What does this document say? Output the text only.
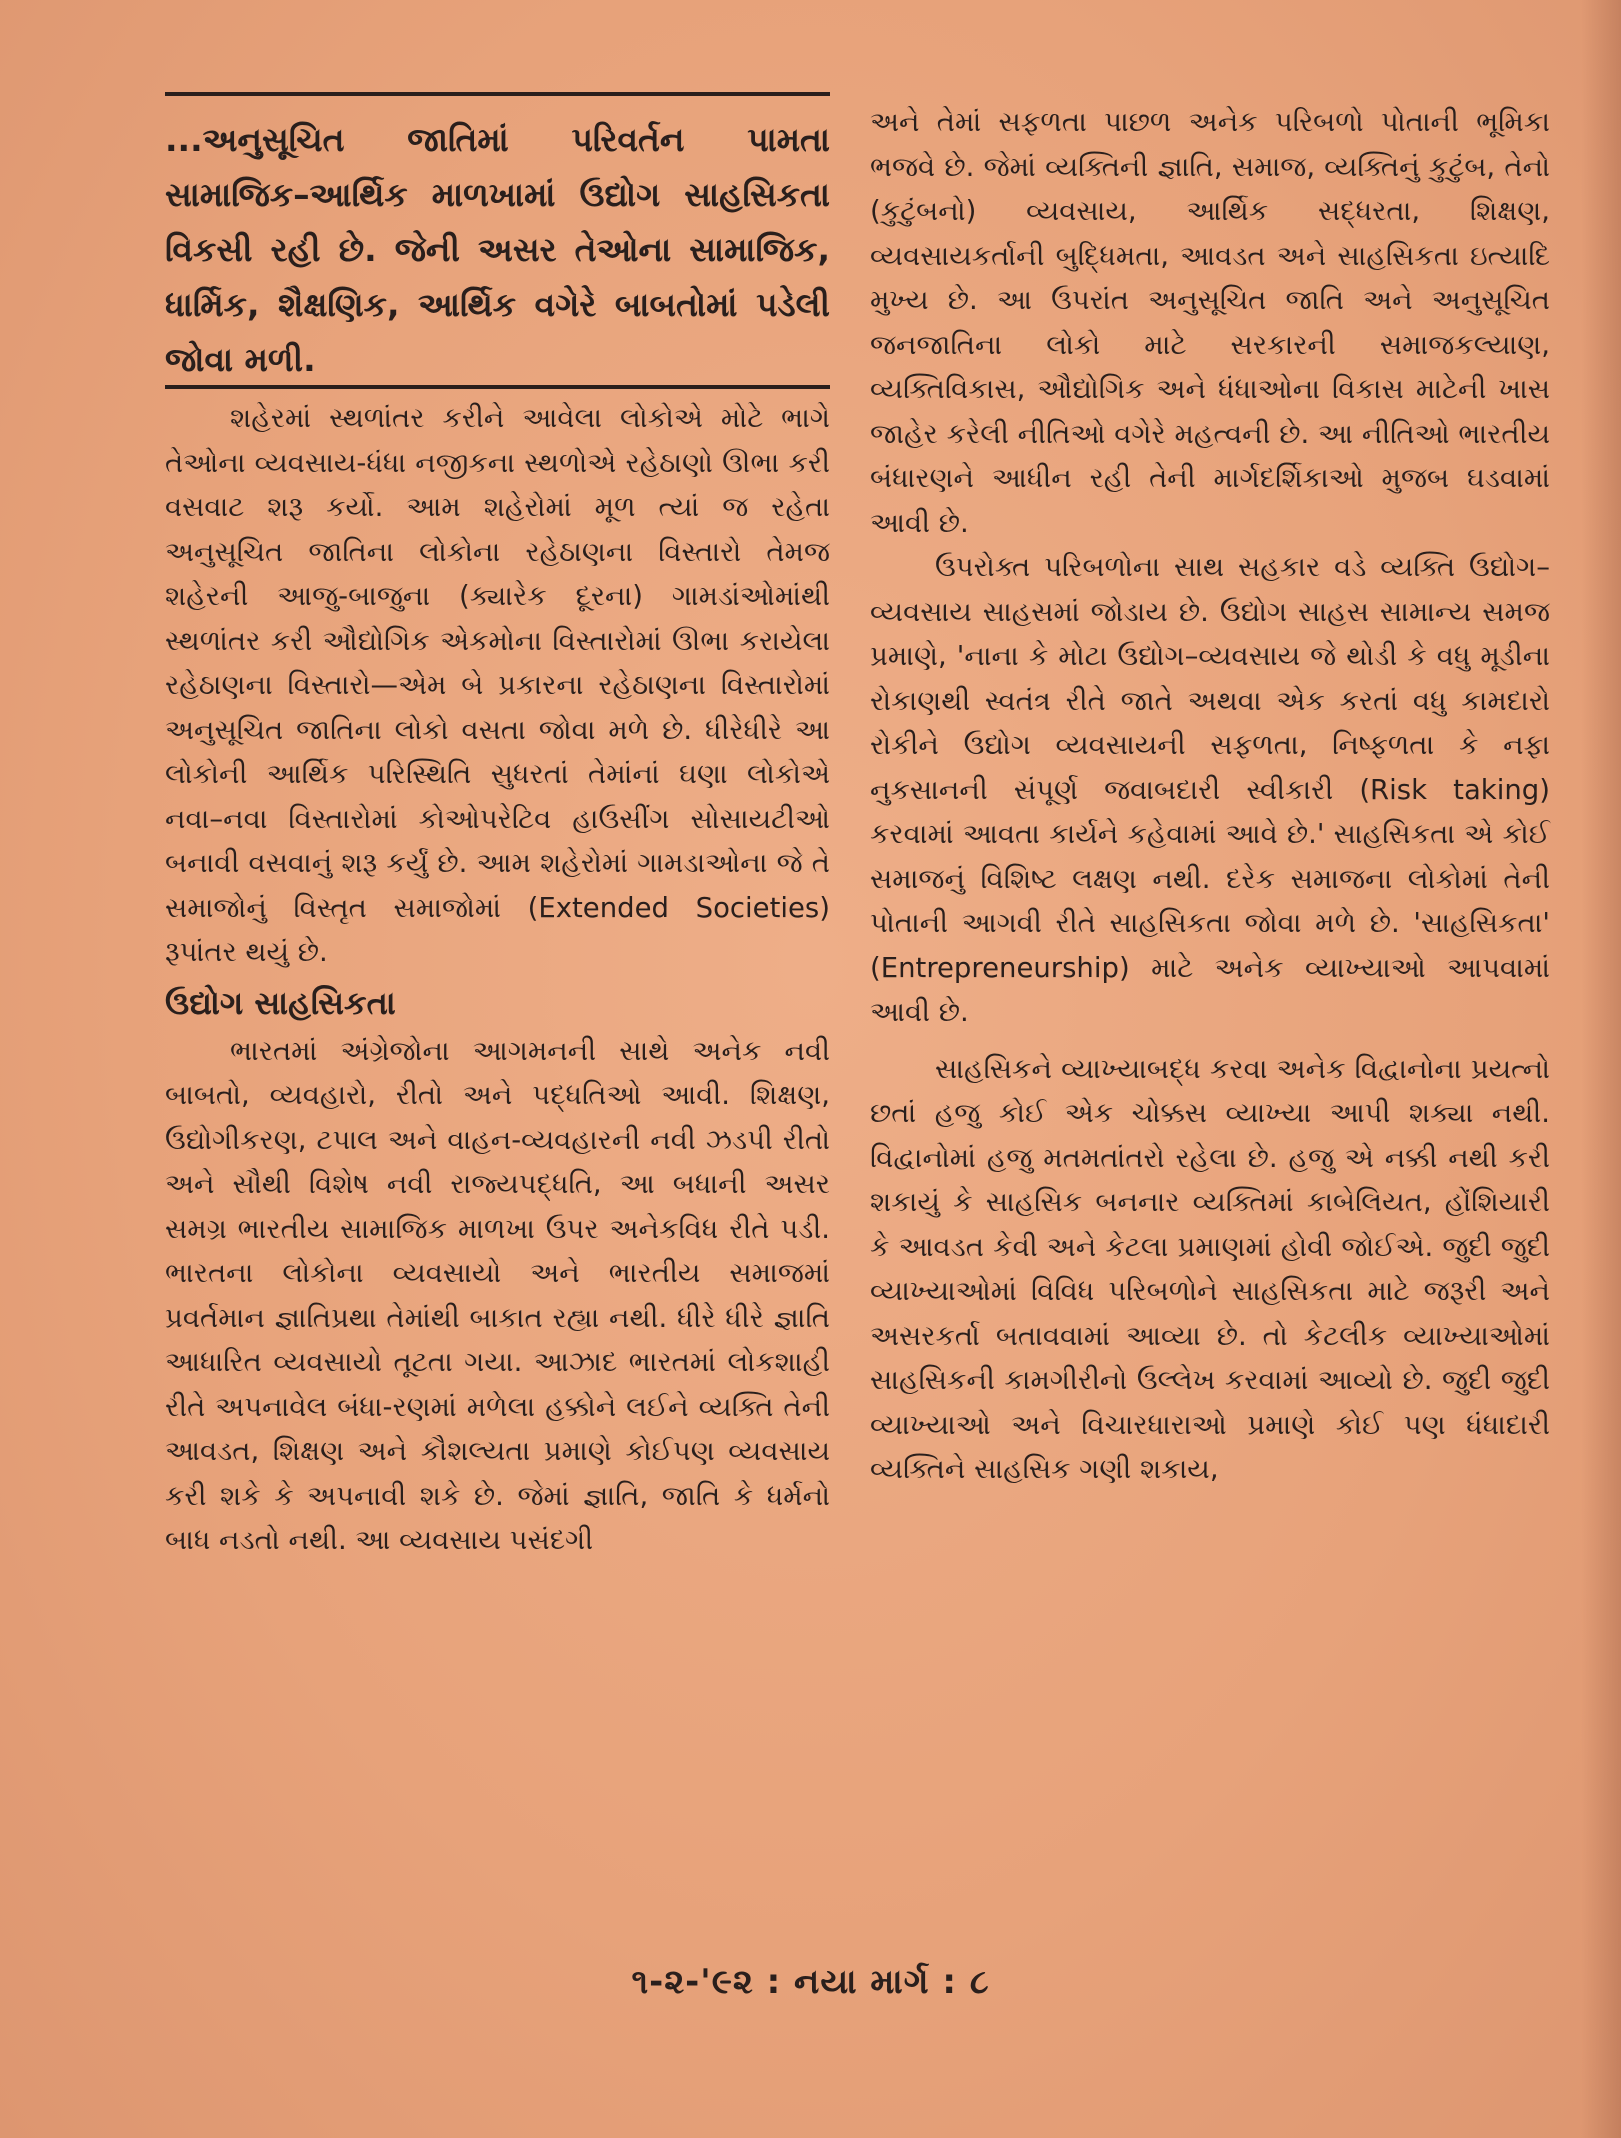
...અનુસૂચિત જાતિમાં પરિવર્તન પામતા સામાજિક–આર્થિક માળખામાં ઉદ્યોગ સાહસિકતા વિકસી રહી છે. જેની અસર તેઓના સામાજિક, ધાર્મિક, શૈક્ષણિક, આર્થિક વગેરે બાબતોમાં પડેલી જોવા મળી.

શહેરમાં સ્થળાંતર કરીને આવેલા લોકોએ મોટે ભાગે તેઓના વ્યવસાય-ધંધા નજીકના સ્થળોએ રહેઠાણો ઊભા કરી વસવાટ શરૂ કર્યો. આમ શહેરોમાં મૂળ ત્યાં જ રહેતા અનુસૂચિત જાતિના લોકોના રહેઠાણના વિસ્તારો તેમજ શહેરની આજુ-બાજુના (ક્યારેક દૂરના) ગામડાંઓમાંથી સ્થળાંતર કરી ઔદ્યોગિક એકમોના વિસ્તારોમાં ઊભા કરાયેલા રહેઠાણના વિસ્તારો—એમ બે પ્રકારના રહેઠાણના વિસ્તારોમાં અનુસૂચિત જાતિના લોકો વસતા જોવા મળે છે. ધીરેધીરે આ લોકોની આર્થિક પરિસ્થિતિ સુધરતાં તેમાંનાં ઘણા લોકોએ નવા–નવા વિસ્તારોમાં કોઓપરેટિવ હાઉસીંગ સોસાયટીઓ બનાવી વસવાનું શરૂ કર્યું છે. આમ શહેરોમાં ગામડાઓના જે તે સમાજોનું વિસ્તૃત સમાજોમાં (Extended Societies) રૂપાંતર થયું છે.

ઉદ્યોગ સાહસિકતા

ભારતમાં અંગ્રેજોના આગમનની સાથે અનેક નવી બાબતો, વ્યવહારો, રીતો અને પદ્ધતિઓ આવી. શિક્ષણ, ઉદ્યોગીકરણ, ટપાલ અને વાહન-વ્યવહારની નવી ઝડપી રીતો અને સૌથી વિશેષ નવી રાજ્યપદ્ધતિ, આ બધાની અસર સમગ્ર ભારતીય સામાજિક માળખા ઉપર અનેકવિધ રીતે પડી. ભારતના લોકોના વ્યવસાયો અને ભારતીય સમાજમાં પ્રવર્તમાન જ્ઞાતિપ્રથા તેમાંથી બાકાત રહ્યા નથી. ધીરે ધીરે જ્ઞાતિ આધારિત વ્યવસાયો તૂટતા ગયા. આઝાદ ભારતમાં લોકશાહી રીતે અપનાવેલ બંધા-રણમાં મળેલા હક્કોને લઈને વ્યક્તિ તેની આવડત, શિક્ષણ અને કૌશલ્યતા પ્રમાણે કોઈપણ વ્યવસાય કરી શકે કે અપનાવી શકે છે. જેમાં જ્ઞાતિ, જાતિ કે ધર્મનો બાધ નડતો નથી. આ વ્યવસાય પસંદગી

અને તેમાં સફળતા પાછળ અનેક પરિબળો પોતાની ભૂમિકા ભજવે છે. જેમાં વ્યક્તિની જ્ઞાતિ, સમાજ, વ્યક્તિનું કુટુંબ, તેનો (કુટુંબનો) વ્યવસાય, આર્થિક સદ્ધરતા, શિક્ષણ, વ્યવસાયકર્તાની બુદ્ધિમતા, આવડત અને સાહસિકતા ઇત્યાદિ મુખ્ય છે. આ ઉપરાંત અનુસૂચિત જાતિ અને અનુસૂચિત જનજાતિના લોકો માટે સરકારની સમાજકલ્યાણ, વ્યક્તિવિકાસ, ઔદ્યોગિક અને ધંધાઓના વિકાસ માટેની ખાસ જાહેર કરેલી નીતિઓ વગેરે મહત્વની છે. આ નીતિઓ ભારતીય બંધારણને આધીન રહી તેની માર્ગદર્શિકાઓ મુજબ ઘડવામાં આવી છે.

ઉપરોક્ત પરિબળોના સાથ સહકાર વડે વ્યક્તિ ઉદ્યોગ–વ્યવસાય સાહસમાં જોડાય છે. ઉદ્યોગ સાહસ સામાન્ય સમજ પ્રમાણે, 'નાના કે મોટા ઉદ્યોગ–વ્યવસાય જે થોડી કે વધુ મૂડીના રોકાણથી સ્વતંત્ર રીતે જાતે અથવા એક કરતાં વધુ કામદારો રોકીને ઉદ્યોગ વ્યવસાયની સફળતા, નિષ્ફળતા કે નફા નુકસાનની સંપૂર્ણ જવાબદારી સ્વીકારી (Risk taking) કરવામાં આવતા કાર્યને કહેવામાં આવે છે.' સાહસિકતા એ કોઈ સમાજનું વિશિષ્ટ લક્ષણ નથી. દરેક સમાજના લોકોમાં તેની પોતાની આગવી રીતે સાહસિકતા જોવા મળે છે. 'સાહસિકતા' (Entrepreneurship) માટે અનેક વ્યાખ્યાઓ આપવામાં આવી છે.

સાહસિકને વ્યાખ્યાબદ્ધ કરવા અનેક વિદ્વાનોના પ્રયત્નો છતાં હજુ કોઈ એક ચોક્કસ વ્યાખ્યા આપી શક્યા નથી. વિદ્વાનોમાં હજુ મતમતાંતરો રહેલા છે. હજુ એ નક્કી નથી કરી શકાયું કે સાહસિક બનનાર વ્યક્તિમાં કાબેલિયત, હોંશિયારી કે આવડત કેવી અને કેટલા પ્રમાણમાં હોવી જોઈએ. જુદી જુદી વ્યાખ્યાઓમાં વિવિધ પરિબળોને સાહસિકતા માટે જરૂરી અને અસરકર્તા બતાવવામાં આવ્યા છે. તો કેટલીક વ્યાખ્યાઓમાં સાહસિકની કામગીરીનો ઉલ્લેખ કરવામાં આવ્યો છે. જુદી જુદી વ્યાખ્યાઓ અને વિચારધારાઓ પ્રમાણે કોઈ પણ ધંધાદારી વ્યક્તિને સાહસિક ગણી શકાય,

૧-૨-'૯૨ : નયા માર્ગ : ૮
